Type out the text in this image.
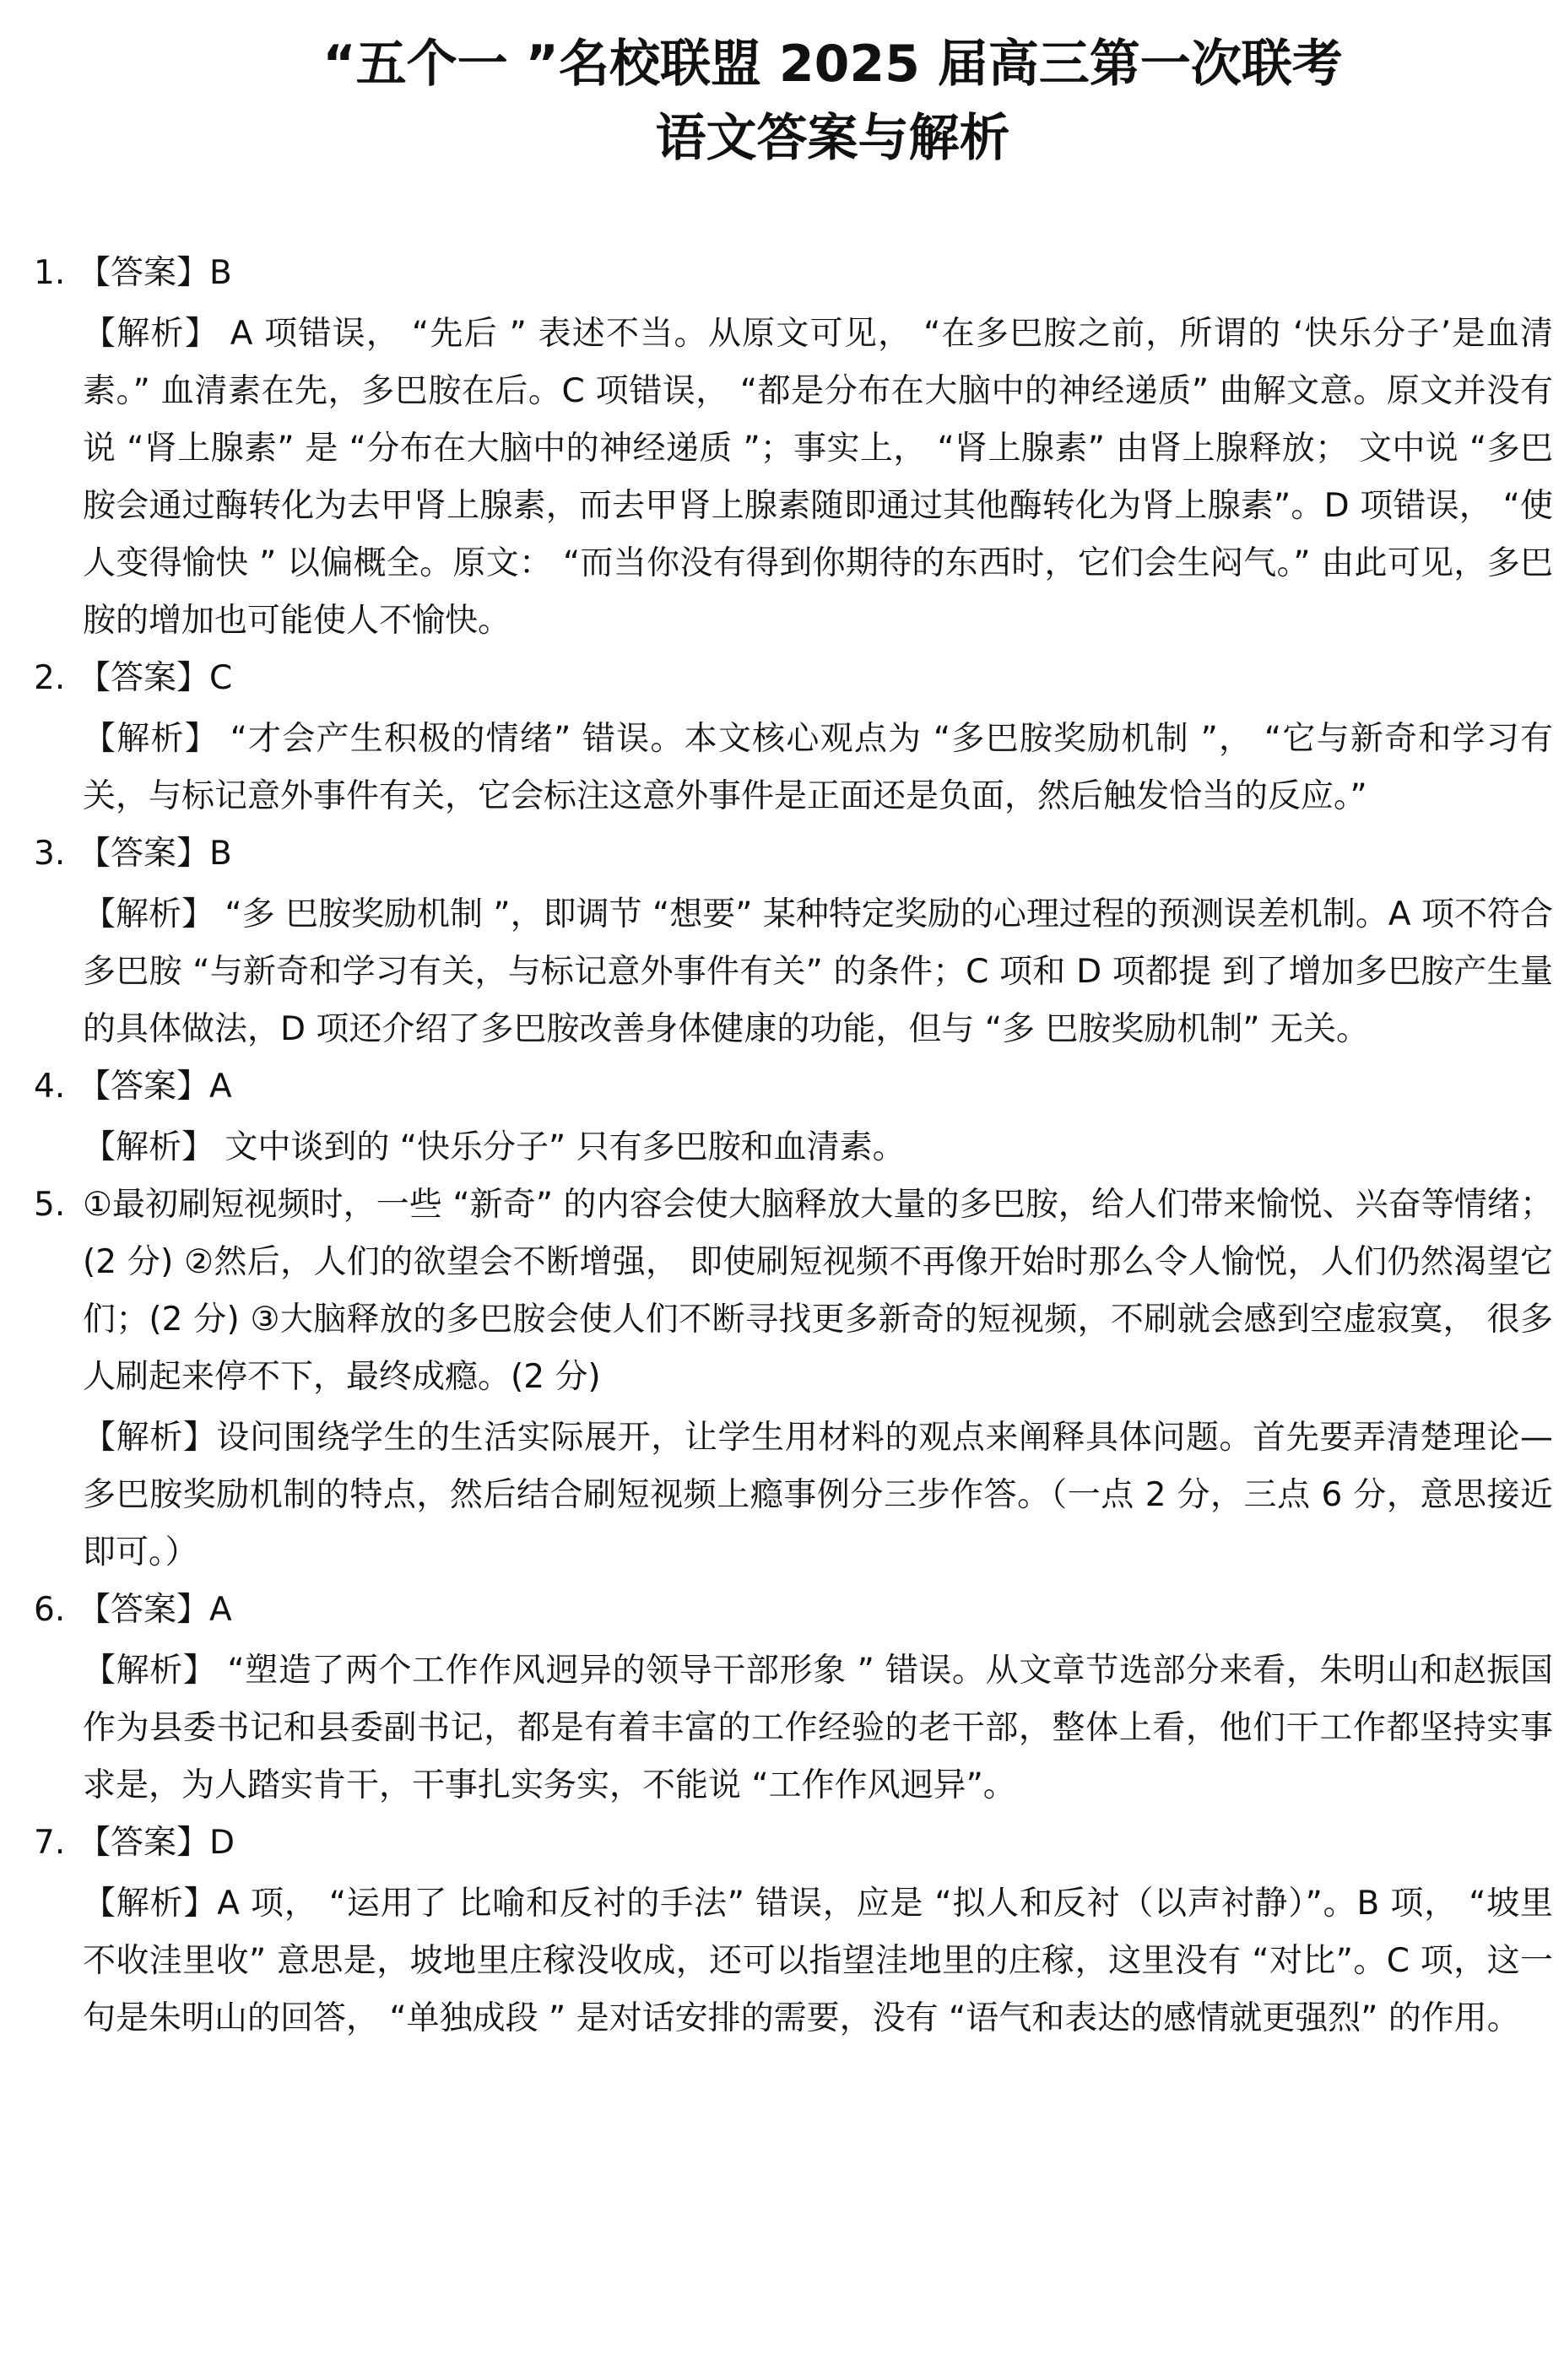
“五个一 ”名校联盟 2025 届高三第一次联考
语文答案与解析

1. 【答案】B

【解析】 A 项错误， “先后 ” 表述不当。从原文可见， “在多巴胺之前，所谓的 ‘快乐分子’是血清素。” 血清素在先，多巴胺在后。C 项错误， “都是分布在大脑中的神经递质” 曲解文意。原文并没有说 “肾上腺素” 是 “分布在大脑中的神经递质 ”；事实上， “肾上腺素” 由肾上腺释放； 文中说 “多巴胺会通过酶转化为去甲肾上腺素，而去甲肾上腺素随即通过其他酶转化为肾上腺素”。D 项错误， “使人变得愉快 ” 以偏概全。原文： “而当你没有得到你期待的东西时，它们会生闷气。” 由此可见，多巴胺的增加也可能使人不愉快。

2. 【答案】C

【解析】 “才会产生积极的情绪” 错误。本文核心观点为 “多巴胺奖励机制 ”， “它与新奇和学习有关，与标记意外事件有关，它会标注这意外事件是正面还是负面，然后触发恰当的反应。”

3. 【答案】B

【解析】 “多 巴胺奖励机制 ”，即调节 “想要” 某种特定奖励的心理过程的预测误差机制。A 项不符合多巴胺 “与新奇和学习有关，与标记意外事件有关” 的条件；C 项和 D 项都提 到了增加多巴胺产生量的具体做法，D 项还介绍了多巴胺改善身体健康的功能，但与 “多 巴胺奖励机制” 无关。

4. 【答案】A

【解析】 文中谈到的 “快乐分子” 只有多巴胺和血清素。

5. ①最初刷短视频时，一些 “新奇” 的内容会使大脑释放大量的多巴胺，给人们带来愉悦、兴奋等情绪；(2 分) ②然后，人们的欲望会不断增强， 即使刷短视频不再像开始时那么令人愉悦，人们仍然渴望它们；(2 分) ③大脑释放的多巴胺会使人们不断寻找更多新奇的短视频，不刷就会感到空虚寂寞， 很多人刷起来停不下，最终成瘾。(2 分)

【解析】设问围绕学生的生活实际展开，让学生用材料的观点来阐释具体问题。首先要弄清楚理论— 多巴胺奖励机制的特点，然后结合刷短视频上瘾事例分三步作答。（一点 2 分，三点 6 分，意思接近即可。）

6. 【答案】A

【解析】 “塑造了两个工作作风迥异的领导干部形象 ” 错误。从文章节选部分来看，朱明山和赵振国作为县委书记和县委副书记，都是有着丰富的工作经验的老干部，整体上看，他们干工作都坚持实事求是，为人踏实肯干，干事扎实务实，不能说 “工作作风迥异”。

7. 【答案】D

【解析】A 项， “运用了 比喻和反衬的手法” 错误，应是 “拟人和反衬（以声衬静）”。B 项， “坡里不收洼里收” 意思是，坡地里庄稼没收成，还可以指望洼地里的庄稼，这里没有 “对比”。C 项，这一句是朱明山的回答， “单独成段 ” 是对话安排的需要，没有 “语气和表达的感情就更强烈” 的作用。
